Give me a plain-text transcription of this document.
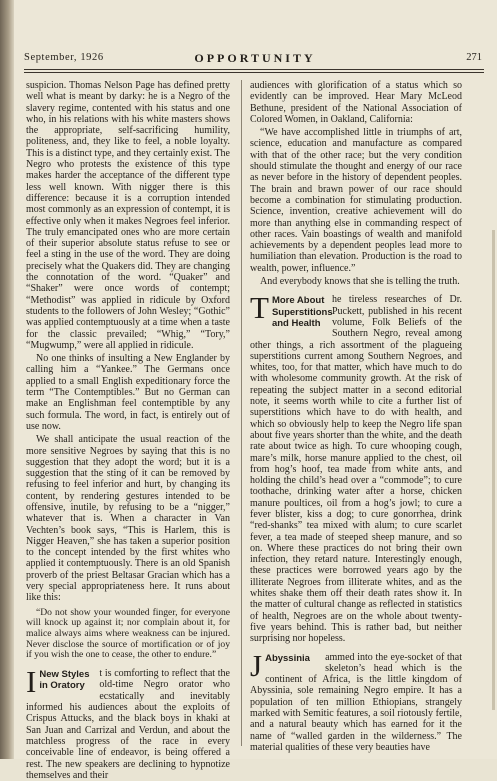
September, 1926	OPPORTUNITY	271

suspicion. Thomas Nelson Page has defined pretty well what is meant by darky: he is a Negro of the slavery regime, contented with his status and one who, in his relations with his white masters shows the appropriate, self-sacrificing humility, politeness, and, they like to feel, a noble loyalty. This is a distinct type, and they certainly exist. The Negro who protests the existence of this type makes harder the acceptance of the different type less well known. With nigger there is this difference: because it is a corruption intended most commonly as an expression of contempt, it is effective only when it makes Negroes feel inferior. The truly emancipated ones who are more certain of their superior absolute status refuse to see or feel a sting in the use of the word. They are doing precisely what the Quakers did. They are changing the connotation of the word. “Quaker” and “Shaker” were once words of contempt; “Methodist” was applied in ridicule by Oxford students to the followers of John Wesley; “Gothic” was applied contemptuously at a time when a taste for the classic prevailed; “Whig,” “Tory,” “Mugwump,” were all applied in ridicule.

No one thinks of insulting a New Englander by calling him a “Yankee.” The Germans once applied to a small English expeditionary force the term “The Contemptibles.” But no German can make an Englishman feel contemptible by any such formula. The word, in fact, is entirely out of use now.

We shall anticipate the usual reaction of the more sensitive Negroes by saying that this is no suggestion that they adopt the word; but it is a suggestion that the sting of it can be removed by refusing to feel inferior and hurt, by changing its content, by rendering gestures intended to be offensive, inutile, by refusing to be a “nigger,” whatever that is. When a character in Van Vechten’s book says, “This is Harlem, this is Nigger Heaven,” she has taken a superior position to the concept intended by the first whites who applied it contemptuously. There is an old Spanish proverb of the priest Beltasar Gracian which has a very special appropriateness here. It runs about like this:

“Do not show your wounded finger, for everyone will knock up against it; nor complain about it, for malice always aims where weakness can be injured. Never disclose the source of mortification or of joy if you wish the one to cease, the other to endure.”

I New Styles in Oratory
t is comforting to reflect that the old-time Negro orator who ecstatically and inevitably informed his audiences about the exploits of Crispus Attucks, and the black boys in khaki at San Juan and Carrizal and Verdun, and about the matchless progress of the race in every conceivable line of endeavor, is being offered a rest. The new speakers are declining to hypnotize themselves and their

audiences with glorification of a status which so evidently can be improved. Hear Mary McLeod Bethune, president of the National Association of Colored Women, in Oakland, California:

“We have accomplished little in triumphs of art, science, education and manufacture as compared with that of the other race; but the very condition should stimulate the thought and energy of our race as never before in the history of dependent peoples. The brain and brawn power of our race should become a combination for stimulating production. Science, invention, creative achievement will do more than anything else in commanding respect of other races. Vain boastings of wealth and manifold achievements by a dependent peoples lead more to humiliation than elevation. Production is the road to wealth, power, influence.”

And everybody knows that she is telling the truth.

T More About Superstitions and Health
he tireless researches of Dr. Puckett, published in his recent volume, Folk Beliefs of the Southern Negro, reveal among other things, a rich assortment of the plagueing superstitions current among Southern Negroes, and whites, too, for that matter, which have much to do with wholesome community growth. At the risk of repeating the subject matter in a second editorial note, it seems worth while to cite a further list of superstitions which have to do with health, and which so obviously help to keep the Negro life span about five years shorter than the white, and the death rate about twice as high. To cure whooping cough, mare’s milk, horse manure applied to the chest, oil from hog’s hoof, tea made from white ants, and holding the child’s head over a “commode”; to cure toothache, drinking water after a horse, chicken manure poultices, oil from a hog’s jowl; to cure a fever blister, kiss a dog; to cure gonorrhea, drink “red-shanks” tea mixed with alum; to cure scarlet fever, a tea made of steeped sheep manure, and so on. Where these practices do not bring their own infection, they retard nature. Interestingly enough, these practices were borrowed years ago by the illiterate Negroes from illiterate whites, and as the whites shake them off their death rates show it. In the matter of cultural change as reflected in statistics of health, Negroes are on the whole about twenty-five years behind. This is rather bad, but neither surprising nor hopeless.

J Abyssinia	ammed into the eye-socket of that skeleton’s head which is the continent of Africa, is the little kingdom of Abyssinia, sole remaining Negro empire. It has a population of ten million Ethiopians, strangely marked with Semitic features, a soil riotously fertile, and a natural beauty which has earned for it the name of “walled garden in the wilderness.” The material qualities of these very beauties have
